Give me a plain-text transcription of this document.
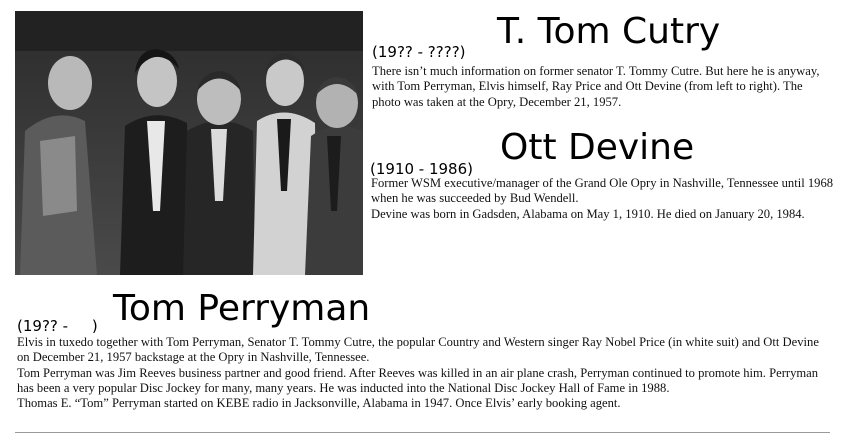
T. Tom Cutry
(19?? - ????)

There isn’t much information on former senator T. Tommy Cutre. But here he is anyway, with Tom Perryman, Elvis himself, Ray Price and Ott Devine (from left to right). The photo was taken at the Opry, December 21, 1957.

Ott Devine
(1910 - 1986)

Former WSM executive/manager of the Grand Ole Opry in Nashville, Tennessee until 1968 when he was succeeded by Bud Wendell.

Devine was born in Gadsden, Alabama on May 1, 1910. He died on January 20, 1984.

Tom Perryman
(19?? -     )

Elvis in tuxedo together with Tom Perryman, Senator T. Tommy Cutre, the popular Country and Western singer Ray Nobel Price (in white suit) and Ott Devine on December 21, 1957 backstage at the Opry in Nashville, Tennessee.

Tom Perryman was Jim Reeves business partner and good friend. After Reeves was killed in an air plane crash, Perryman continued to promote him. Perryman has been a very popular Disc Jockey for many, many years. He was inducted into the National Disc Jockey Hall of Fame in 1988.

Thomas E. “Tom” Perryman started on KEBE radio in Jacksonville, Alabama in 1947. Once Elvis’ early booking agent.
